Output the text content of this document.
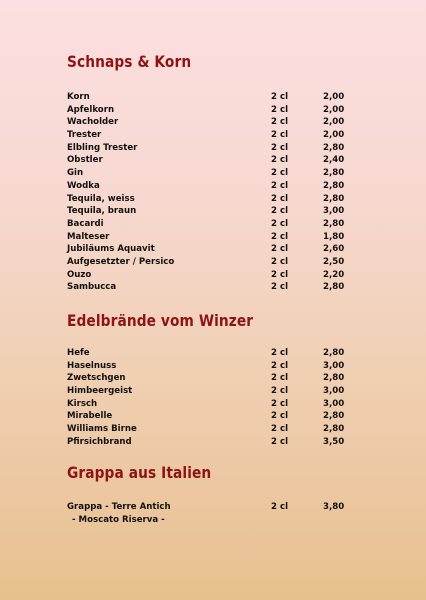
Schnaps & Korn
Korn	2 cl	2,00
Apfelkorn	2 cl	2,00
Wacholder	2 cl	2,00
Trester	2 cl	2,00
Elbling Trester	2 cl	2,80
Obstler	2 cl	2,40
Gin	2 cl	2,80
Wodka	2 cl	2,80
Tequila, weiss	2 cl	2,80
Tequila, braun	2 cl	3,00
Bacardi	2 cl	2,80
Malteser	2 cl	1,80
Jubiläums Aquavit	2 cl	2,60
Aufgesetzter / Persico	2 cl	2,50
Ouzo	2 cl	2,20
Sambucca	2 cl	2,80
Edelbrände vom Winzer
Hefe	2 cl	2,80
Haselnuss	2 cl	3,00
Zwetschgen	2 cl	2,80
Himbeergeist	2 cl	3,00
Kirsch	2 cl	3,00
Mirabelle	2 cl	2,80
Williams Birne	2 cl	2,80
Pfirsichbrand	2 cl	3,50
Grappa aus Italien
Grappa - Terre Antich	2 cl	3,80
- Moscato Riserva -
